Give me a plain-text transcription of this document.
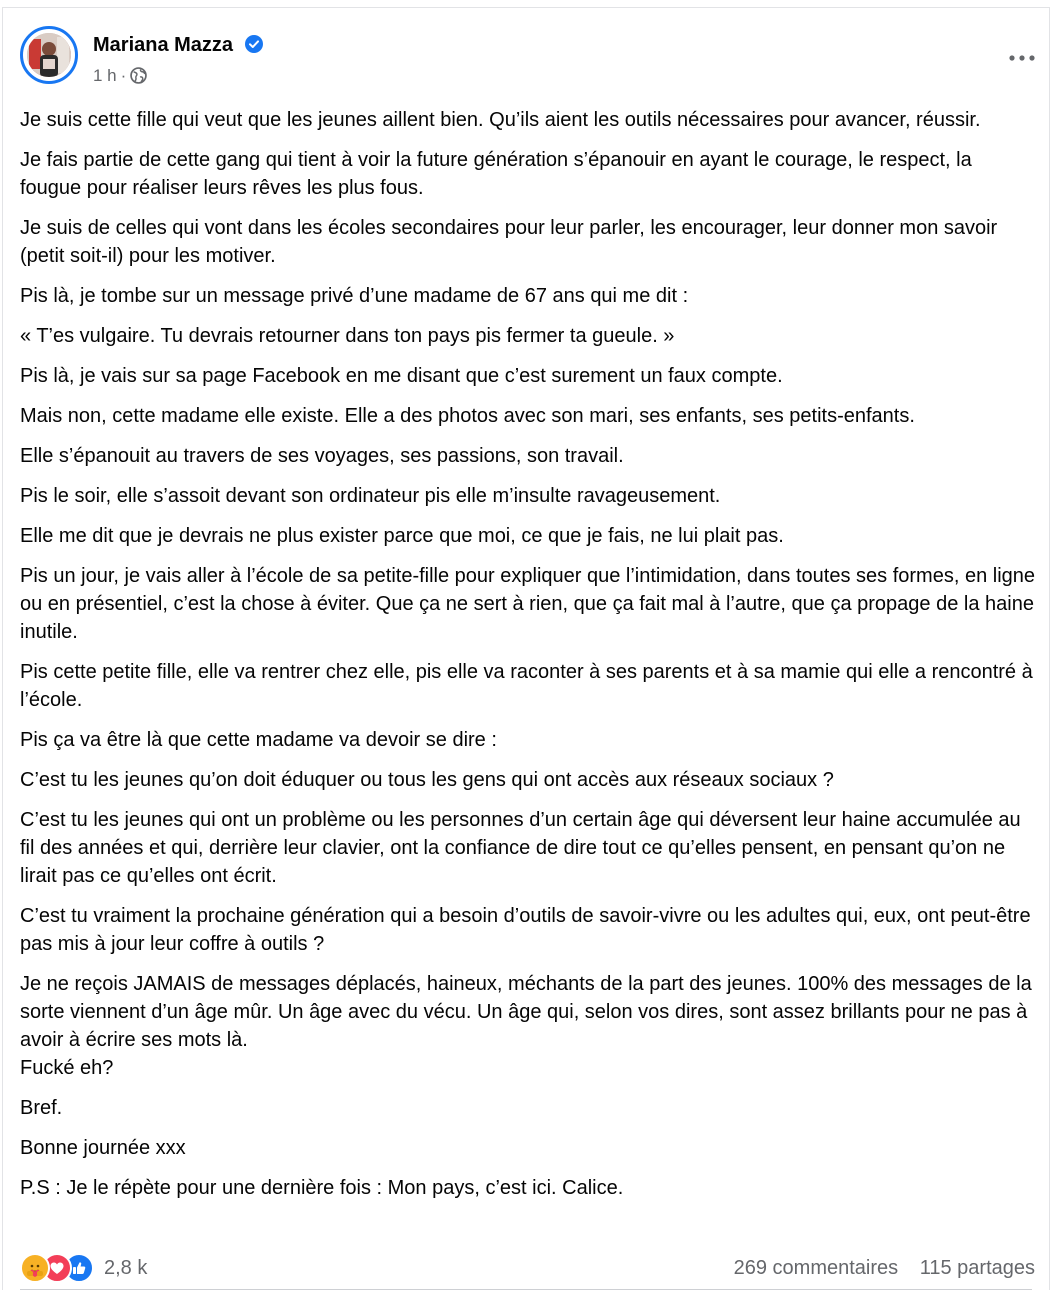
Mariana Mazza
1 h ·

Je suis cette fille qui veut que les jeunes aillent bien. Qu’ils aient les outils nécessaires pour avancer, réussir.

Je fais partie de cette gang qui tient à voir la future génération s’épanouir en ayant le courage, le respect, la fougue pour réaliser leurs rêves les plus fous.

Je suis de celles qui vont dans les écoles secondaires pour leur parler, les encourager, leur donner mon savoir (petit soit-il) pour les motiver.

Pis là, je tombe sur un message privé d’une madame de 67 ans qui me dit :

« T’es vulgaire. Tu devrais retourner dans ton pays pis fermer ta gueule. »

Pis là, je vais sur sa page Facebook en me disant que c’est surement un faux compte.

Mais non, cette madame elle existe. Elle a des photos avec son mari, ses enfants, ses petits-enfants.

Elle s’épanouit au travers de ses voyages, ses passions, son travail.

Pis le soir, elle s’assoit devant son ordinateur pis elle m’insulte ravageusement.

Elle me dit que je devrais ne plus exister parce que moi, ce que je fais, ne lui plait pas.

Pis un jour, je vais aller à l’école de sa petite-fille pour expliquer que l’intimidation, dans toutes ses formes, en ligne ou en présentiel, c’est la chose à éviter. Que ça ne sert à rien, que ça fait mal à l’autre, que ça propage de la haine inutile.

Pis cette petite fille, elle va rentrer chez elle, pis elle va raconter à ses parents et à sa mamie qui elle a rencontré à l’école.

Pis ça va être là que cette madame va devoir se dire :

C’est tu les jeunes qu’on doit éduquer ou tous les gens qui ont accès aux réseaux sociaux ?

C’est tu les jeunes qui ont un problème ou les personnes d’un certain âge qui déversent leur haine accumulée au fil des années et qui, derrière leur clavier, ont la confiance de dire tout ce qu’elles pensent, en pensant qu’on ne lirait pas ce qu’elles ont écrit.

C’est tu vraiment la prochaine génération qui a besoin d’outils de savoir-vivre ou les adultes qui, eux, ont peut-être pas mis à jour leur coffre à outils ?

Je ne reçois JAMAIS de messages déplacés, haineux, méchants de la part des jeunes. 100% des messages de la sorte viennent d’un âge mûr. Un âge avec du vécu. Un âge qui, selon vos dires, sont assez brillants pour ne pas à avoir à écrire ses mots là.

Fucké eh?

Bref.

Bonne journée xxx

P.S : Je le répète pour une dernière fois : Mon pays, c’est ici. Calice.

2,8 k	269 commentaires 115 partages
